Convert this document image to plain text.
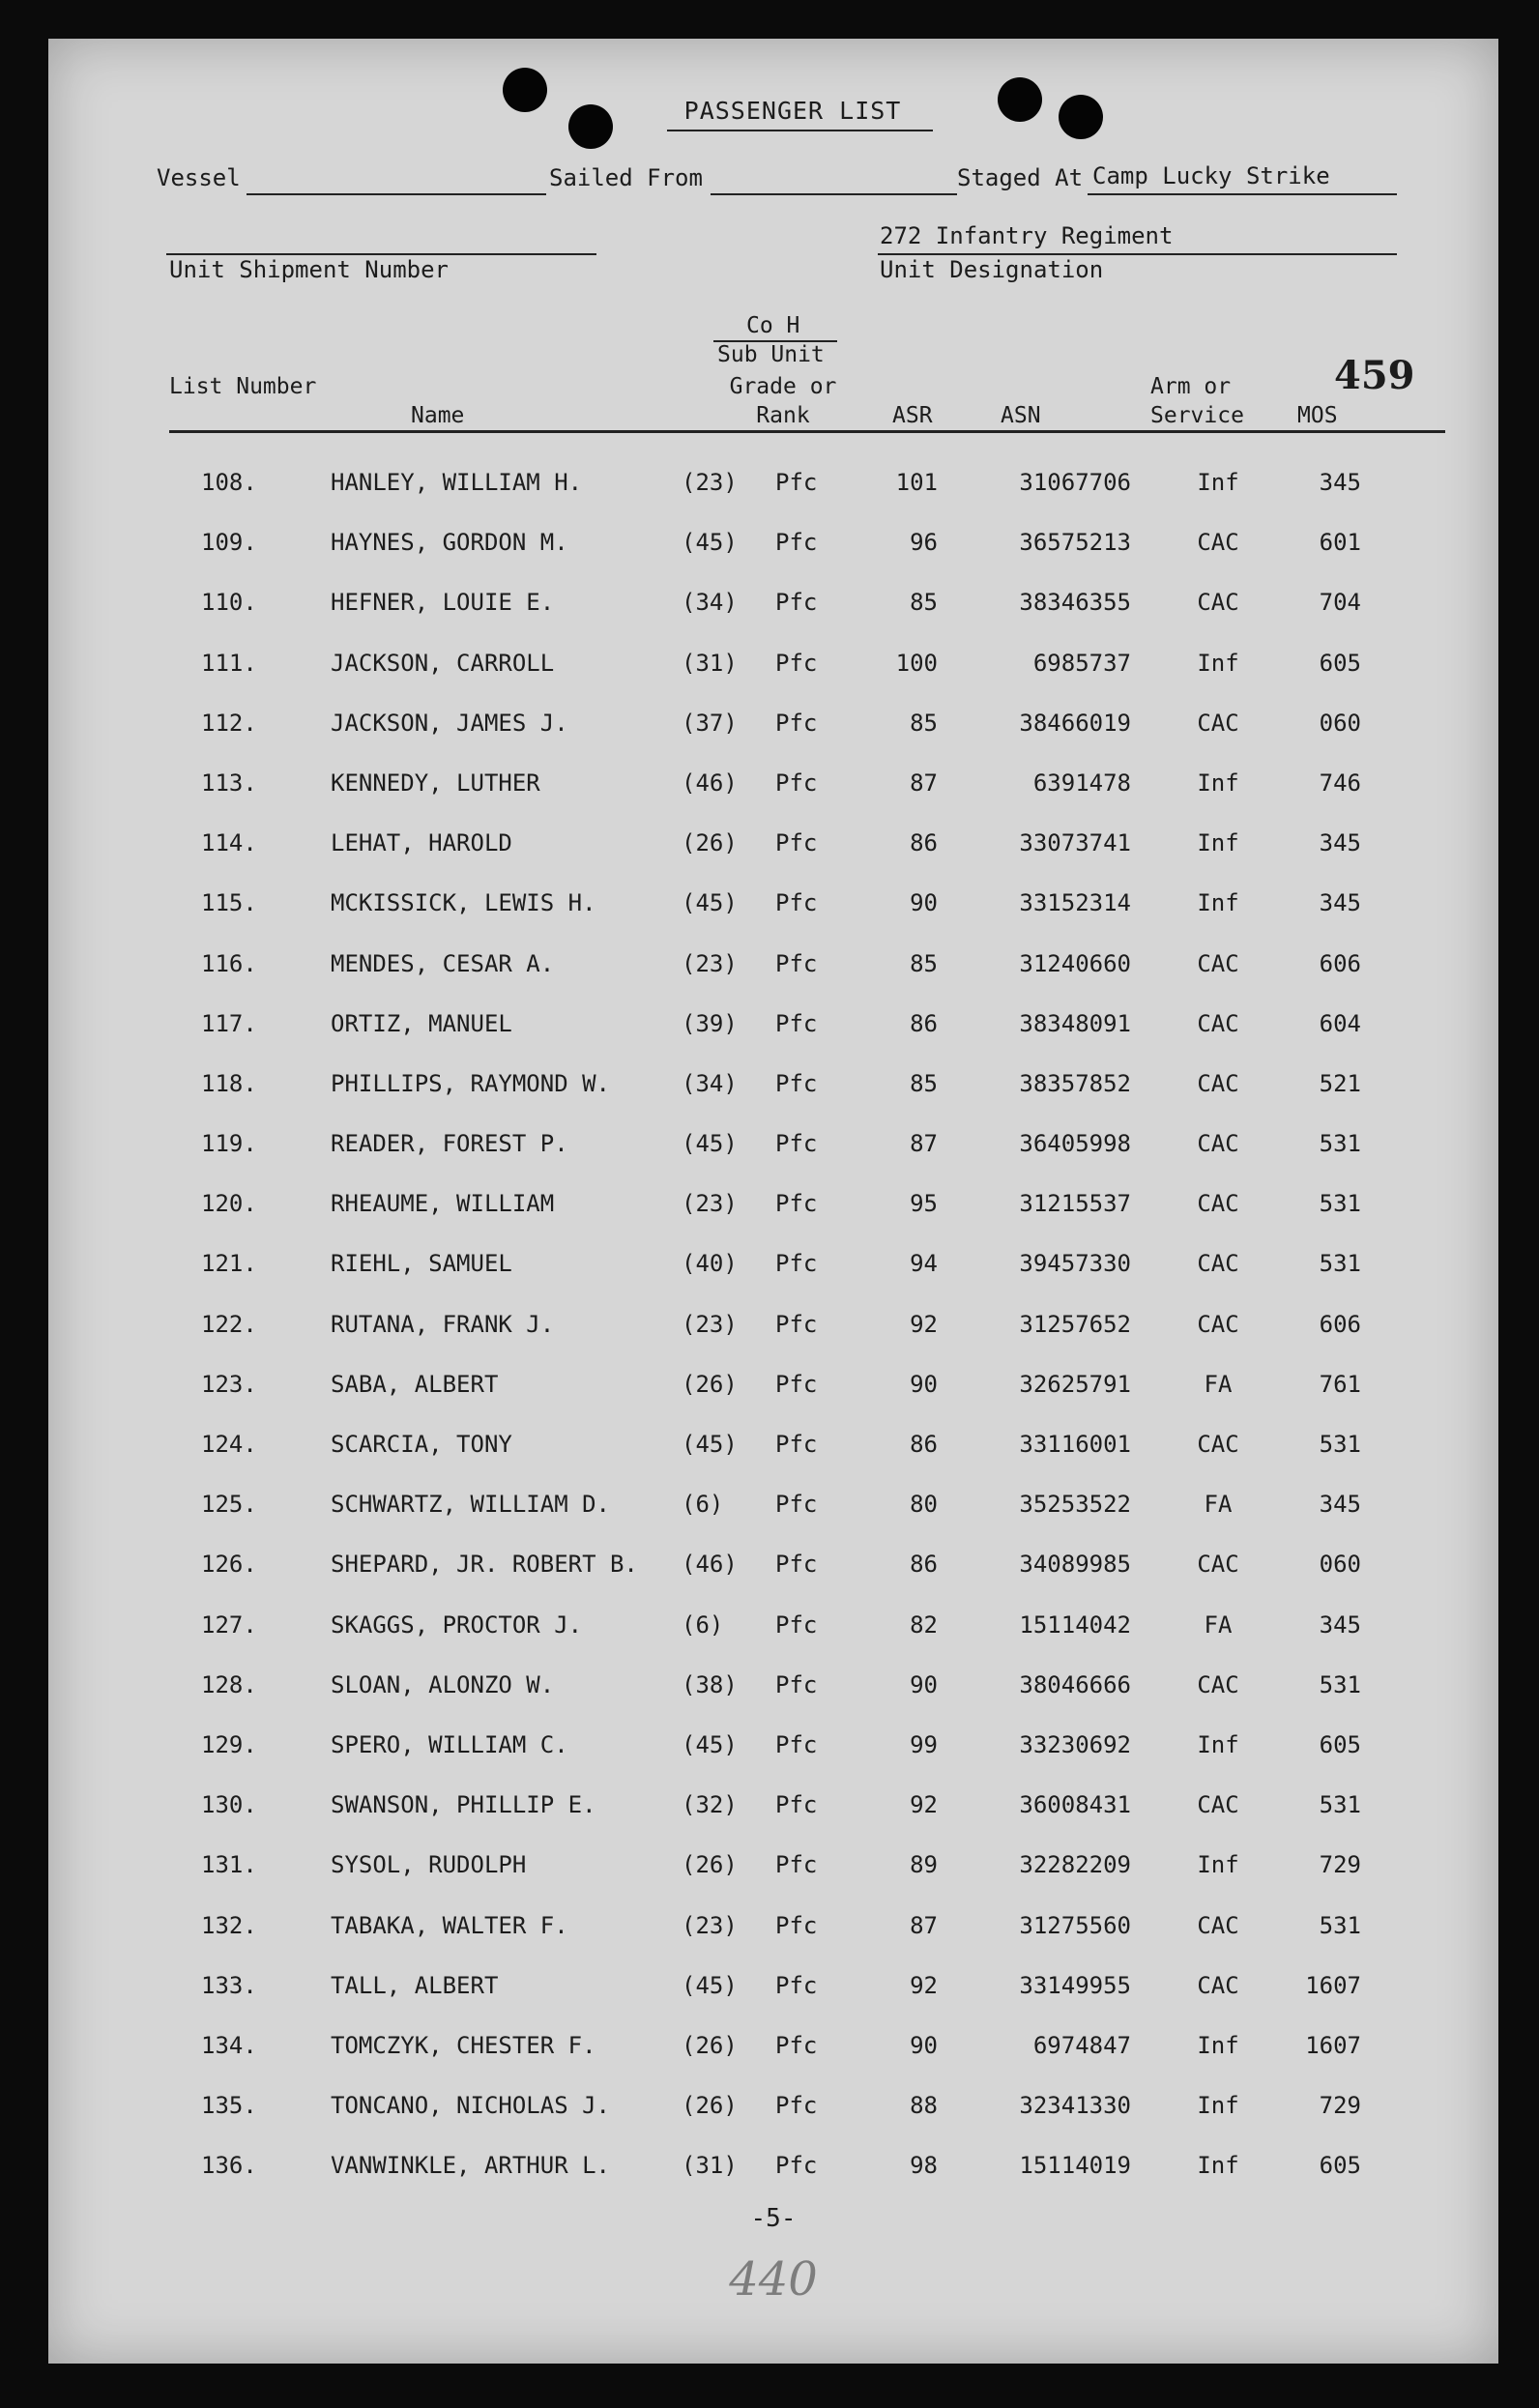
PASSENGER LIST
Vessel	Sailed From	Staged At Camp Lucky Strike
Unit Shipment Number
272 Infantry Regiment
Unit Designation
Co H
Sub Unit
List Number
Name
Grade or Rank	ASR	ASN
Arm or Service	MOS
459
108.	HANLEY, WILLIAM H.	(23) Pfc	101	31067706	Inf	345
109.	HAYNES, GORDON M.	(45) Pfc	96	36575213	CAC	601
110.	HEFNER, LOUIE E.	(34) Pfc	85	38346355	CAC	704
111.	JACKSON, CARROLL	(31) Pfc	100	6985737	Inf	605
112.	JACKSON, JAMES J.	(37) Pfc	85	38466019	CAC	060
113.	KENNEDY, LUTHER	(46) Pfc	87	6391478	Inf	746
114.	LEHAT, HAROLD	(26) Pfc	86	33073741	Inf	345
115.	MCKISSICK, LEWIS H.	(45) Pfc	90	33152314	Inf	345
116.	MENDES, CESAR A.	(23) Pfc	85	31240660	CAC	606
117.	ORTIZ, MANUEL	(39) Pfc	86	38348091	CAC	604
118.	PHILLIPS, RAYMOND W.	(34) Pfc	85	38357852	CAC	521
119.	READER, FOREST P.	(45) Pfc	87	36405998	CAC	531
120.	RHEAUME, WILLIAM	(23) Pfc	95	31215537	CAC	531
121.	RIEHL, SAMUEL	(40) Pfc	94	39457330	CAC	531
122.	RUTANA, FRANK J.	(23) Pfc	92	31257652	CAC	606
123.	SABA, ALBERT	(26) Pfc	90	32625791	FA	761
124.	SCARCIA, TONY	(45) Pfc	86	33116001	CAC	531
125.	SCHWARTZ, WILLIAM D.	(6) Pfc	80	35253522	FA	345
126.	SHEPARD, JR. ROBERT B. (46) Pfc	86	34089985	CAC	060
127.	SKAGGS, PROCTOR J.	(6) Pfc	82	15114042	FA	345
128.	SLOAN, ALONZO W.	(38) Pfc	90	38046666	CAC	531
129.	SPERO, WILLIAM C.	(45) Pfc	99	33230692	Inf	605
130.	SWANSON, PHILLIP E.	(32) Pfc	92	36008431	CAC	531
131.	SYSOL, RUDOLPH	(26) Pfc	89	32282209	Inf	729
132.	TABAKA, WALTER F.	(23) Pfc	87	31275560	CAC	531
133.	TALL, ALBERT	(45) Pfc	92	33149955	CAC	1607
134.	TOMCZYK, CHESTER F.	(26) Pfc	90	6974847	Inf	1607
135.	TONCANO, NICHOLAS J.	(26) Pfc	88	32341330	Inf	729
136.	VANWINKLE, ARTHUR L.	(31) Pfc	98	15114019	Inf	605
-5-
440
